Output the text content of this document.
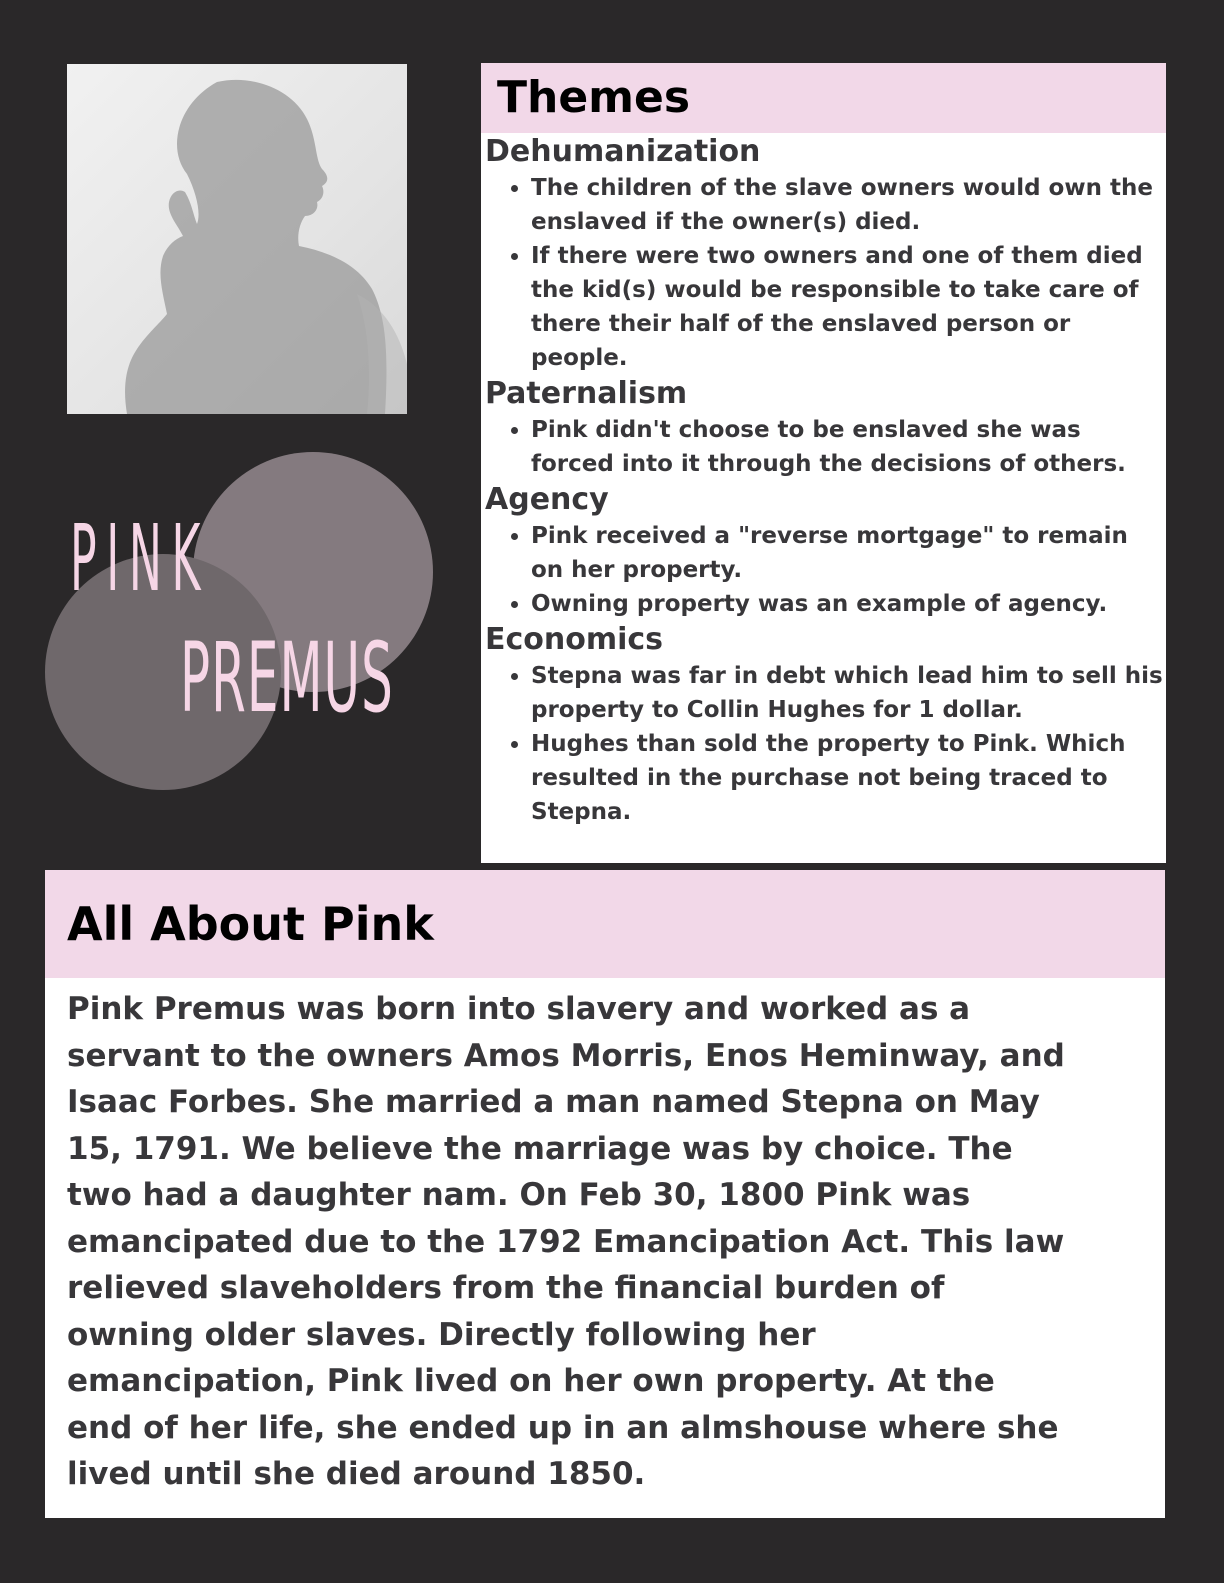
PINK
PREMUS
Themes
Dehumanization
• The children of the slave owners would own the enslaved if the owner(s) died.
• If there were two owners and one of them died the kid(s) would be responsible to take care of there their half of the enslaved person or people.
Paternalism
• Pink didn't choose to be enslaved she was forced into it through the decisions of others.
Agency
• Pink received a "reverse mortgage" to remain on her property.
• Owning property was an example of agency.
Economics
• Stepna was far in debt which lead him to sell his property to Collin Hughes for 1 dollar.
• Hughes than sold the property to Pink. Which resulted in the purchase not being traced to Stepna.
All About Pink

Pink Premus was born into slavery and worked as a servant to the owners Amos Morris, Enos Heminway, and Isaac Forbes. She married a man named Stepna on May 15, 1791. We believe the marriage was by choice. The two had a daughter nam. On Feb 30, 1800 Pink was emancipated due to the 1792 Emancipation Act. This law relieved slaveholders from the financial burden of owning older slaves. Directly following her emancipation, Pink lived on her own property. At the end of her life, she ended up in an almshouse where she lived until she died around 1850.
